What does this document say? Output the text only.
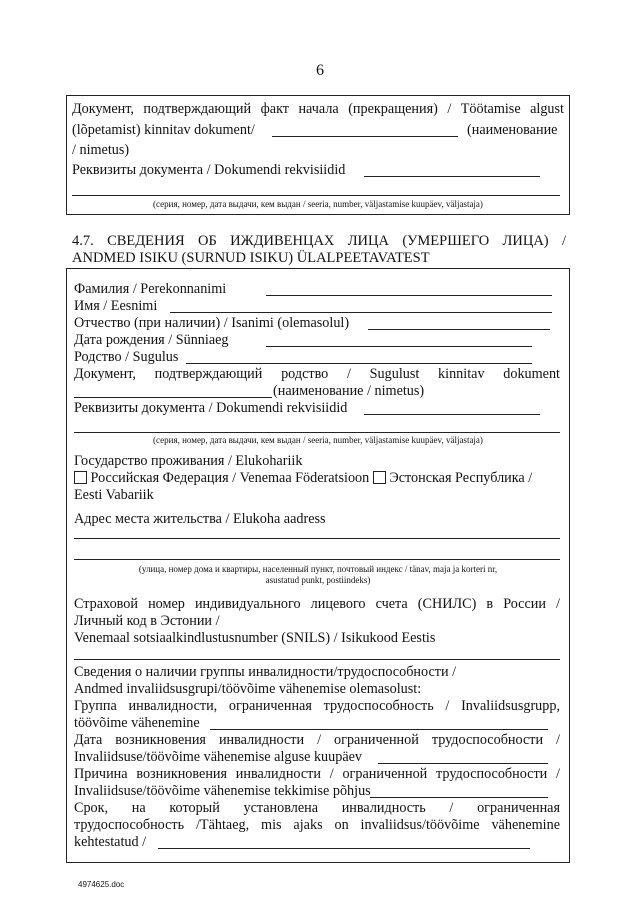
6
Документ, подтверждающий факт начала (прекращения) / Töötamise algust
(lõpetamist) kinnitav dokument/	(наименование
/ nimetus)
Реквизиты документа / Dokumendi rekvisiidid
(серия, номер, дата выдачи, кем выдан / seeria, number, väljastamise kuupäev, väljastaja)
4.7. СВЕДЕНИЯ ОБ ИЖДИВЕНЦАХ ЛИЦА (УМЕРШЕГО ЛИЦА) /
ANDMED ISIKU (SURNUD ISIKU) ÜLALPEETAVATEST
Фамилия / Perekonnanimi
Имя / Eesnimi
Отчество (при наличии) / Isanimi (olemasolul)
Дата рождения / Sünniaeg
Родство / Sugulus
Документ, подтверждающий родство / Sugulust kinnitav dokument
(наименование / nimetus)
Реквизиты документа / Dokumendi rekvisiidid
(серия, номер, дата выдачи, кем выдан / seeria, number, väljastamise kuupäev, väljastaja)
Государство проживания / Elukohariik
Российская Федерация / Venemaa Föderatsioon Эстонская Республика /
Eesti Vabariik
Адрес места жительства / Elukoha aadress
(улица, номер дома и квартиры, населенный пункт, почтовый индекс / tänav, maja ja korteri nr,
asustatud punkt, postiindeks)
Страховой номер индивидуального лицевого счета (СНИЛС) в России /
Личный код в Эстонии /
Venemaal sotsiaalkindlustusnumber (SNILS) / Isikukood Eestis
Сведения о наличии группы инвалидности/трудоспособности /
Andmed invaliidsusgrupi/töövõime vähenemise olemasolust:
Группа инвалидности, ограниченная трудоспособность / Invaliidsusgrupp,
töövõime vähenemine
Дата возникновения инвалидности / ограниченной трудоспособности /
Invaliidsuse/töövõime vähenemise alguse kuupäev
Причина возникновения инвалидности / ограниченной трудоспособности /
Invaliidsuse/töövõime vähenemise tekkimise põhjus
Срок, на который установлена инвалидность / ограниченная
трудоспособность /Tähtaeg, mis ajaks on invaliidsus/töövõime vähenemine
kehtestatud /
4974625.doc
